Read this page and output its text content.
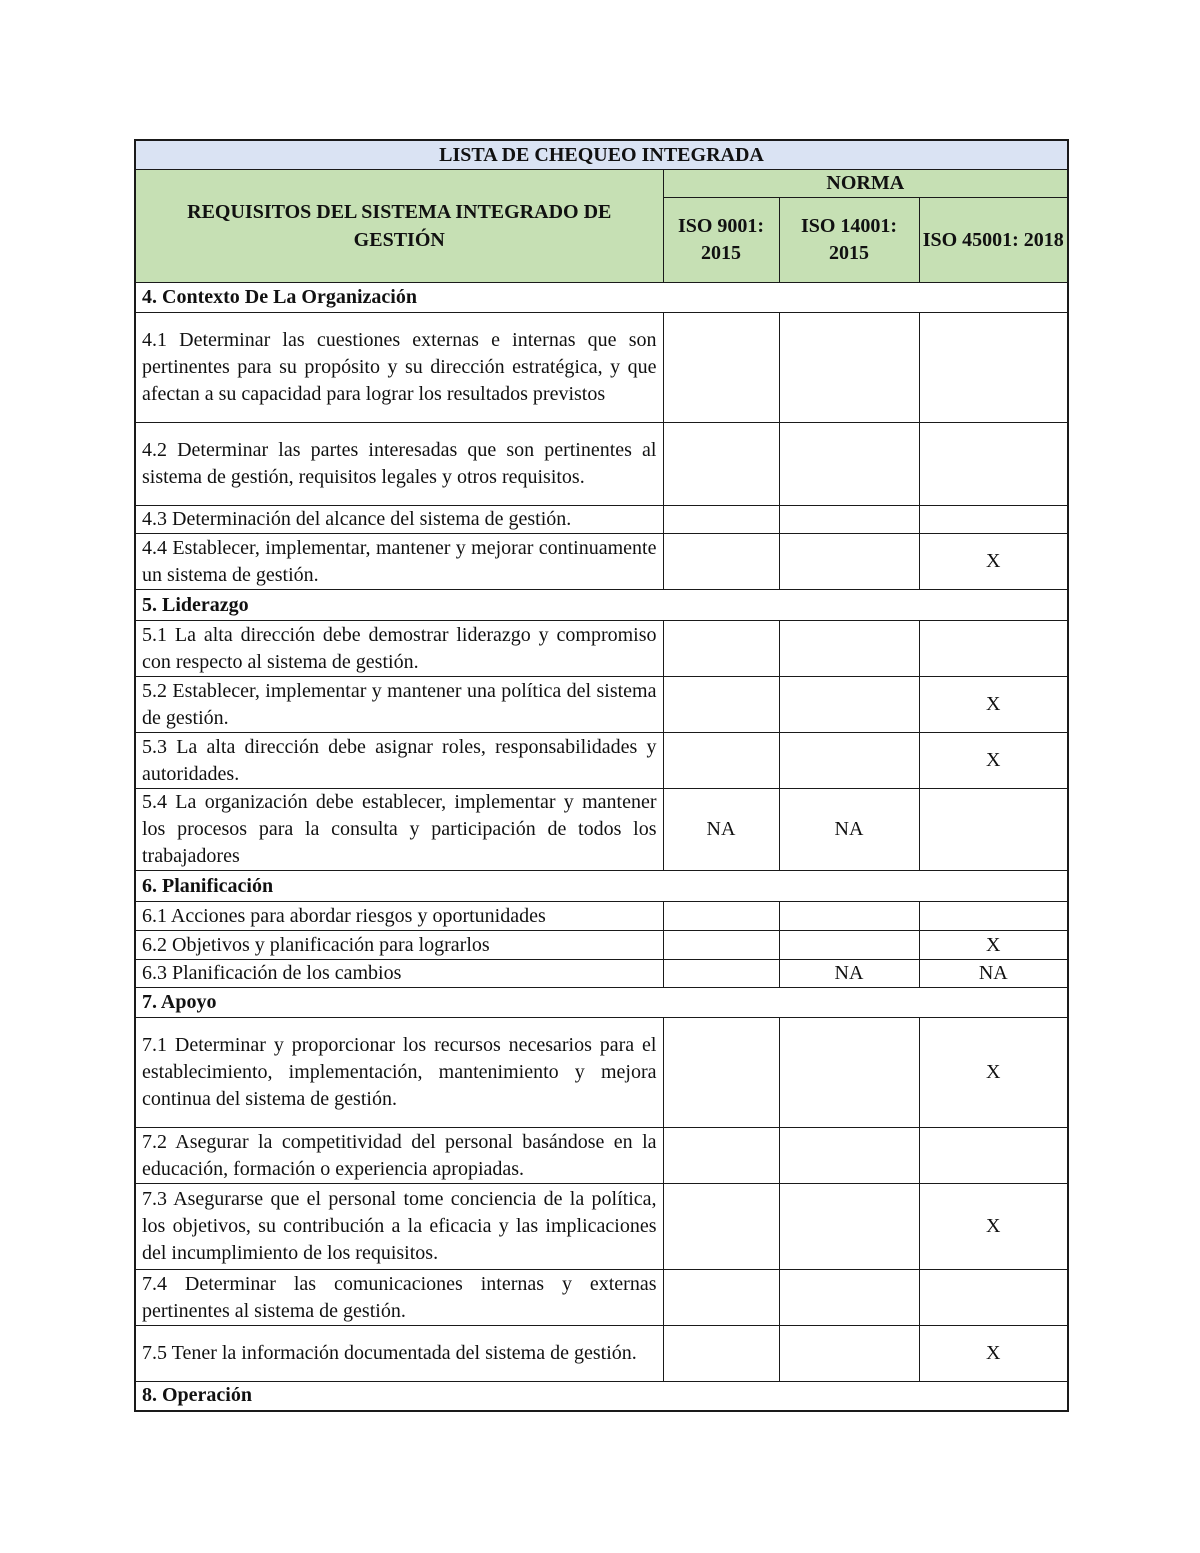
LISTA DE CHEQUEO INTEGRADA			
REQUISITOS DEL SISTEMA INTEGRADO DE GESTIÓN	NORMA		
	ISO 9001: 2015	ISO 14001: 2015	ISO 45001: 2018
4. Contexto De La Organización			
4.1 Determinar las cuestiones externas e internas que son pertinentes para su propósito y su dirección estratégica, y que afectan a su capacidad para lograr los resultados previstos			
4.2 Determinar las partes interesadas que son pertinentes al sistema de gestión, requisitos legales y otros requisitos.			
4.3 Determinación del alcance del sistema de gestión.			
4.4 Establecer, implementar, mantener y mejorar continuamente un sistema de gestión.			X
5. Liderazgo			
5.1 La alta dirección debe demostrar liderazgo y compromiso con respecto al sistema de gestión.			
5.2 Establecer, implementar y mantener una política del sistema de gestión.			X
5.3 La alta dirección debe asignar roles, responsabilidades y autoridades.			X
5.4 La organización debe establecer, implementar y mantener los procesos para la consulta y participación de todos los trabajadores	NA	NA	
6. Planificación			
6.1 Acciones para abordar riesgos y oportunidades			
6.2 Objetivos y planificación para lograrlos			X
6.3 Planificación de los cambios		NA	NA
7. Apoyo			
7.1 Determinar y proporcionar los recursos necesarios para el establecimiento, implementación, mantenimiento y mejora continua del sistema de gestión.			X
7.2 Asegurar la competitividad del personal basándose en la educación, formación o experiencia apropiadas.			
7.3 Asegurarse que el personal tome conciencia de la política, los objetivos, su contribución a la eficacia y las implicaciones del incumplimiento de los requisitos.			X
7.4 Determinar las comunicaciones internas y externas pertinentes al sistema de gestión.			
7.5 Tener la información documentada del sistema de gestión.			X
8. Operación			
